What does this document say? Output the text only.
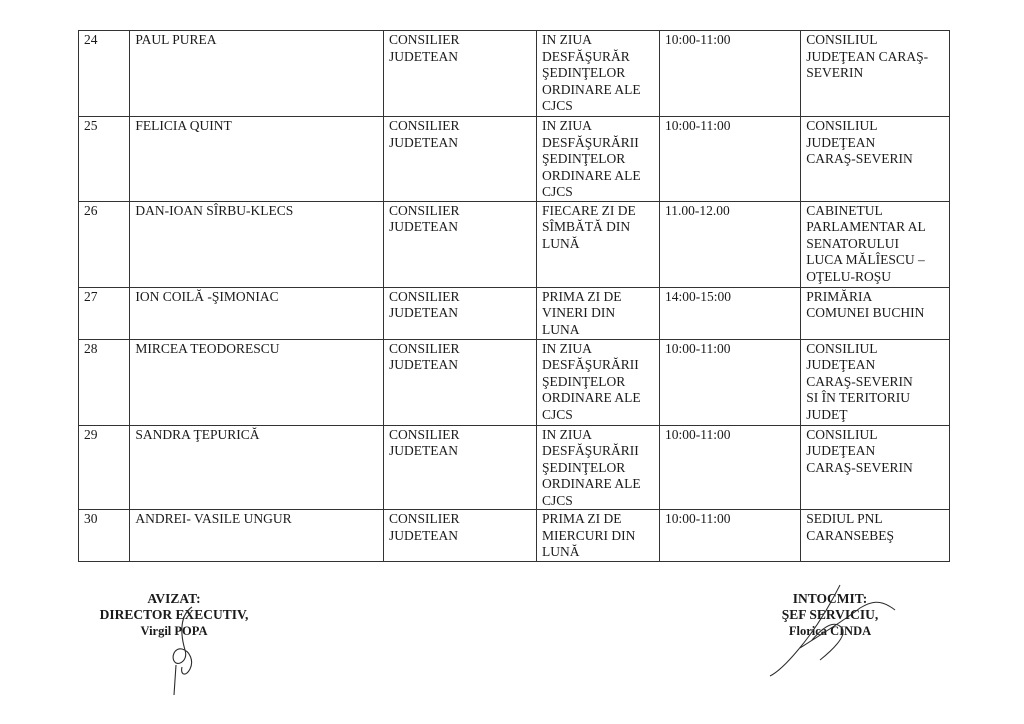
24	PAUL PUREA	CONSILIER
JUDETEAN	IN ZIUA
DESFĂŞURĂR
ŞEDINŢELOR
ORDINARE ALE
CJCS	10:00-11:00	CONSILIUL
JUDEŢEAN CARAŞ-
SEVERIN
25	FELICIA QUINT	CONSILIER
JUDETEAN	IN ZIUA
DESFĂŞURĂRII
ŞEDINŢELOR
ORDINARE ALE
CJCS	10:00-11:00	CONSILIUL
JUDEŢEAN
CARAŞ-SEVERIN
26	DAN-IOAN SÎRBU-KLECS	CONSILIER
JUDETEAN	FIECARE ZI DE
SÎMBĂTĂ DIN
LUNĂ	11.00-12.00	CABINETUL
PARLAMENTAR AL
SENATORULUI
LUCA MĂLÎESCU –
OŢELU-ROŞU
27	ION COILĂ -ŞIMONIAC	CONSILIER
JUDETEAN	PRIMA ZI DE
VINERI DIN
LUNA	14:00-15:00	PRIMĂRIA
COMUNEI BUCHIN
28	MIRCEA TEODORESCU	CONSILIER
JUDETEAN	IN ZIUA
DESFĂŞURĂRII
ŞEDINŢELOR
ORDINARE ALE
CJCS	10:00-11:00	CONSILIUL
JUDEŢEAN
CARAŞ-SEVERIN
SI ÎN TERITORIU
JUDEŢ
29	SANDRA ŢEPURICĂ	CONSILIER
JUDETEAN	IN ZIUA
DESFĂŞURĂRII
ŞEDINŢELOR
ORDINARE ALE
CJCS	10:00-11:00	CONSILIUL
JUDEŢEAN
CARAŞ-SEVERIN
30	ANDREI- VASILE UNGUR	CONSILIER
JUDETEAN	PRIMA ZI DE
MIERCURI DIN
LUNĂ	10:00-11:00	SEDIUL PNL
CARANSEBEŞ
AVIZAT:
DIRECTOR EXECUTIV,
Virgil POPA
INTOCMIT:
ŞEF SERVICIU,
Florica CINDA
